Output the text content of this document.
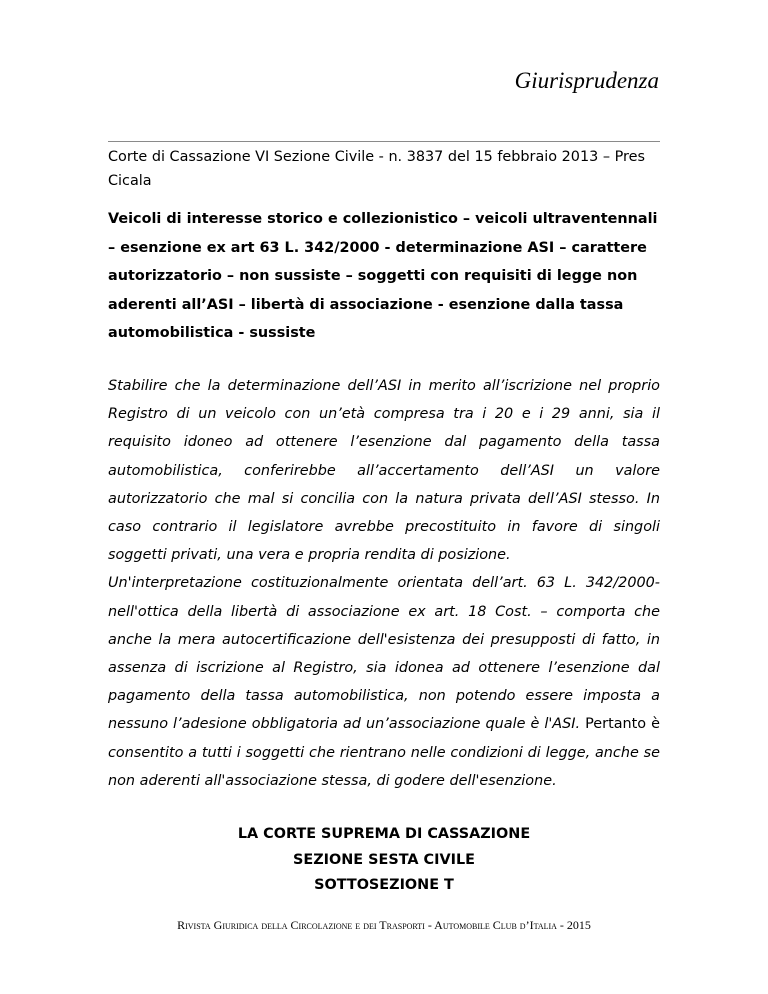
Giurisprudenza

Corte di Cassazione VI Sezione Civile - n. 3837 del 15 febbraio 2013 – Pres Cicala

Veicoli di interesse storico e collezionistico – veicoli ultraventennali – esenzione ex art 63 L. 342/2000 - determinazione ASI – carattere autorizzatorio – non sussiste – soggetti con requisiti di legge non aderenti all’ASI – libertà di associazione - esenzione dalla tassa automobilistica - sussiste

Stabilire che la determinazione dell’ASI in merito all’iscrizione nel proprio Registro di un veicolo con un’età compresa tra i 20 e i 29 anni, sia il requisito idoneo ad ottenere l’esenzione dal pagamento della tassa automobilistica, conferirebbe all’accertamento dell’ASI un valore autorizzatorio che mal si concilia con la natura privata dell’ASI stesso. In caso contrario il legislatore avrebbe precostituito in favore di singoli soggetti privati, una vera e propria rendita di posizione.

Un'interpretazione costituzionalmente orientata dell’art. 63 L. 342/2000- nell'ottica della libertà di associazione ex art. 18 Cost. – comporta che anche la mera autocertificazione dell'esistenza dei presupposti di fatto, in assenza di iscrizione al Registro, sia idonea ad ottenere l’esenzione dal pagamento della tassa automobilistica, non potendo essere imposta a nessuno l’adesione obbligatoria ad un’associazione quale è l'ASI. Pertanto è consentito a tutti i soggetti che rientrano nelle condizioni di legge, anche se non aderenti all'associazione stessa, di godere dell'esenzione.

LA CORTE SUPREMA DI CASSAZIONE
SEZIONE SESTA CIVILE
SOTTOSEZIONE T
Rivista Giuridica della Circolazione e dei Trasporti - Automobile Club d’Italia - 2015
